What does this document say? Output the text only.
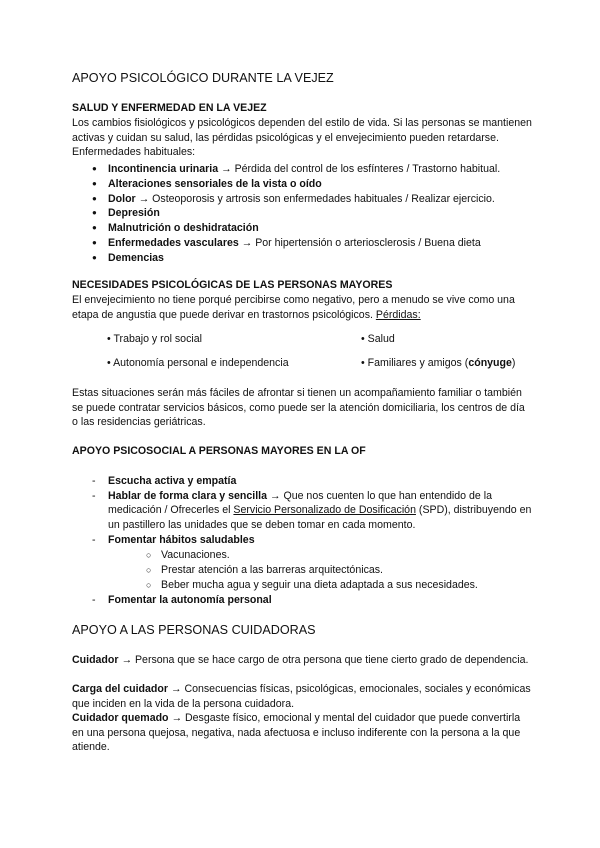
APOYO PSICOLÓGICO DURANTE LA VEJEZ
SALUD Y ENFERMEDAD EN LA VEJEZ

Los cambios fisiológicos y psicológicos dependen del estilo de vida. Si las personas se mantienen activas y cuidan su salud, las pérdidas psicológicas y el envejecimiento pueden retardarse. Enfermedades habituales:

● Incontinencia urinaria → Pérdida del control de los esfínteres / Trastorno habitual.
● Alteraciones sensoriales de la vista o oído
● Dolor → Osteoporosis y artrosis son enfermedades habituales / Realizar ejercicio.
● Depresión
● Malnutrición o deshidratación
● Enfermedades vasculares → Por hipertensión o arteriosclerosis / Buena dieta
● Demencias
NECESIDADES PSICOLÓGICAS DE LAS PERSONAS MAYORES

El envejecimiento no tiene porqué percibirse como negativo, pero a menudo se vive como una etapa de angustia que puede derivar en trastornos psicológicos. Pérdidas:

• Trabajo y rol social	• Salud
• Autonomía personal e independencia	• Familiares y amigos (cónyuge)

Estas situaciones serán más fáciles de afrontar si tienen un acompañamiento familiar o también se puede contratar servicios básicos, como puede ser la atención domiciliaria, los centros de día o las residencias geriátricas.

APOYO PSICOSOCIAL A PERSONAS MAYORES EN LA OF
- Escucha activa y empatía
- Hablar de forma clara y sencilla → Que nos cuenten lo que han entendido de la medicación / Ofrecerles el Servicio Personalizado de Dosificación (SPD), distribuyendo en un pastillero las unidades que se deben tomar en cada momento.
- Fomentar hábitos saludables
○ Vacunaciones.
○ Prestar atención a las barreras arquitectónicas.
○ Beber mucha agua y seguir una dieta adaptada a sus necesidades.
- Fomentar la autonomía personal
APOYO A LAS PERSONAS CUIDADORAS

Cuidador → Persona que se hace cargo de otra persona que tiene cierto grado de dependencia.

Carga del cuidador → Consecuencias físicas, psicológicas, emocionales, sociales y económicas que inciden en la vida de la persona cuidadora.

Cuidador quemado → Desgaste físico, emocional y mental del cuidador que puede convertirla en una persona quejosa, negativa, nada afectuosa e incluso indiferente con la persona a la que atiende.
